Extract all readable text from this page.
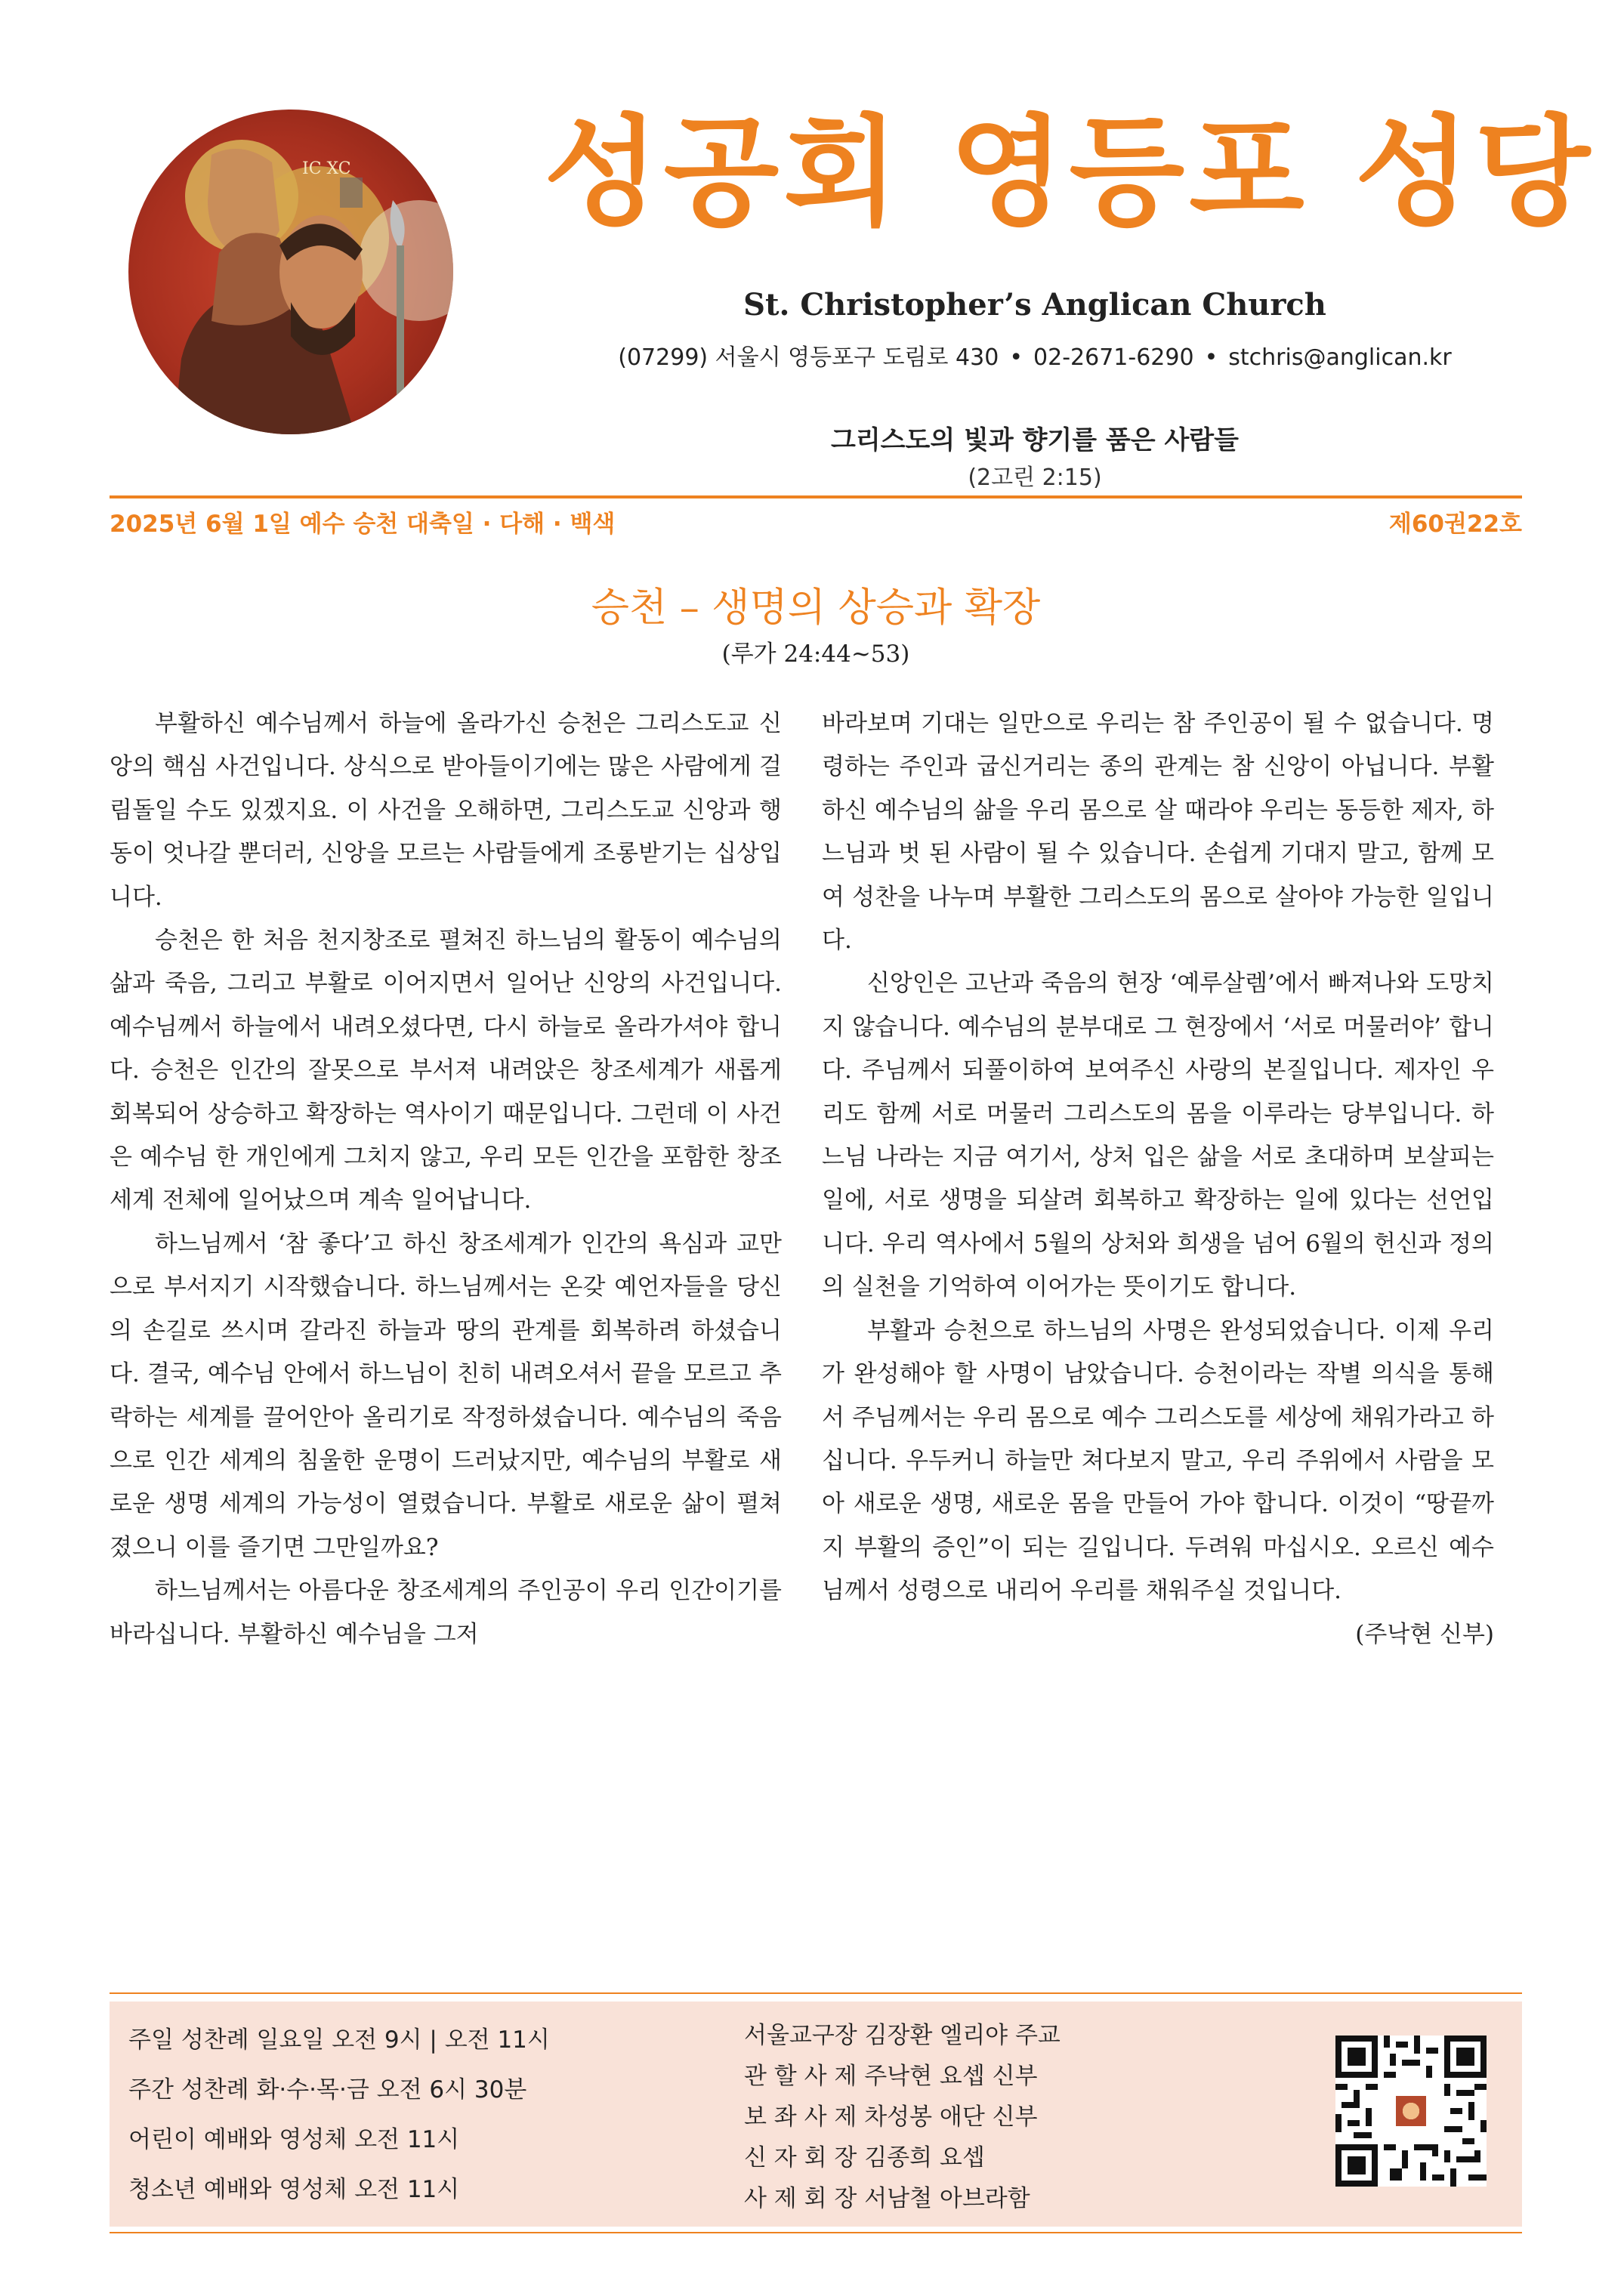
IC XC 성공회 영등포 성당
St. Christopher’s Anglican Church
(07299) 서울시 영등포구 도림로 430 • 02-2671-6290 • stchris@anglican.kr
그리스도의 빛과 향기를 품은 사람들
(2고린 2:15)
2025년 6월 1일 예수 승천 대축일 · 다해 · 백색	제60권22호
승천 – 생명의 상승과 확장
(루가 24:44~53)

부활하신 예수님께서 하늘에 올라가신 승천은 그리스도교 신앙의 핵심 사건입니다. 상식으로 받아들이기에는 많은 사람에게 걸림돌일 수도 있겠지요. 이 사건을 오해하면, 그리스도교 신앙과 행동이 엇나갈 뿐더러, 신앙을 모르는 사람들에게 조롱받기는 십상입니다.

승천은 한 처음 천지창조로 펼쳐진 하느님의 활동이 예수님의 삶과 죽음, 그리고 부활로 이어지면서 일어난 신앙의 사건입니다. 예수님께서 하늘에서 내려오셨다면, 다시 하늘로 올라가셔야 합니다. 승천은 인간의 잘못으로 부서져 내려앉은 창조세계가 새롭게 회복되어 상승하고 확장하는 역사이기 때문입니다. 그런데 이 사건은 예수님 한 개인에게 그치지 않고, 우리 모든 인간을 포함한 창조세계 전체에 일어났으며 계속 일어납니다.

하느님께서 ‘참 좋다’고 하신 창조세계가 인간의 욕심과 교만으로 부서지기 시작했습니다. 하느님께서는 온갖 예언자들을 당신의 손길로 쓰시며 갈라진 하늘과 땅의 관계를 회복하려 하셨습니다. 결국, 예수님 안에서 하느님이 친히 내려오셔서 끝을 모르고 추락하는 세계를 끌어안아 올리기로 작정하셨습니다. 예수님의 죽음으로 인간 세계의 침울한 운명이 드러났지만, 예수님의 부활로 새로운 생명 세계의 가능성이 열렸습니다. 부활로 새로운 삶이 펼쳐졌으니 이를 즐기면 그만일까요?

하느님께서는 아름다운 창조세계의 주인공이 우리 인간이기를 바라십니다. 부활하신 예수님을 그저

바라보며 기대는 일만으로 우리는 참 주인공이 될 수 없습니다. 명령하는 주인과 굽신거리는 종의 관계는 참 신앙이 아닙니다. 부활하신 예수님의 삶을 우리 몸으로 살 때라야 우리는 동등한 제자, 하느님과 벗 된 사람이 될 수 있습니다. 손쉽게 기대지 말고, 함께 모여 성찬을 나누며 부활한 그리스도의 몸으로 살아야 가능한 일입니다.

신앙인은 고난과 죽음의 현장 ‘예루살렘’에서 빠져나와 도망치지 않습니다. 예수님의 분부대로 그 현장에서 ‘서로 머물러야’ 합니다. 주님께서 되풀이하여 보여주신 사랑의 본질입니다. 제자인 우리도 함께 서로 머물러 그리스도의 몸을 이루라는 당부입니다. 하느님 나라는 지금 여기서, 상처 입은 삶을 서로 초대하며 보살피는 일에, 서로 생명을 되살려 회복하고 확장하는 일에 있다는 선언입니다. 우리 역사에서 5월의 상처와 희생을 넘어 6월의 헌신과 정의의 실천을 기억하여 이어가는 뜻이기도 합니다.

부활과 승천으로 하느님의 사명은 완성되었습니다. 이제 우리가 완성해야 할 사명이 남았습니다. 승천이라는 작별 의식을 통해서 주님께서는 우리 몸으로 예수 그리스도를 세상에 채워가라고 하십니다. 우두커니 하늘만 쳐다보지 말고, 우리 주위에서 사람을 모아 새로운 생명, 새로운 몸을 만들어 가야 합니다. 이것이 “땅끝까지 부활의 증인”이 되는 길입니다. 두려워 마십시오. 오르신 예수님께서 성령으로 내리어 우리를 채워주실 것입니다.

(주낙현 신부)

주일 성찬례 일요일 오전 9시 | 오전 11시
주간 성찬례 화·수·목·금 오전 6시 30분
어린이 예배와 영성체 오전 11시
청소년 예배와 영성체 오전 11시
서울교구장 김장환 엘리야 주교
관 할 사 제 주낙현 요셉 신부
보 좌 사 제 차성봉 애단 신부
신 자 회 장 김종희 요셉
사 제 회 장 서남철 아브라함
